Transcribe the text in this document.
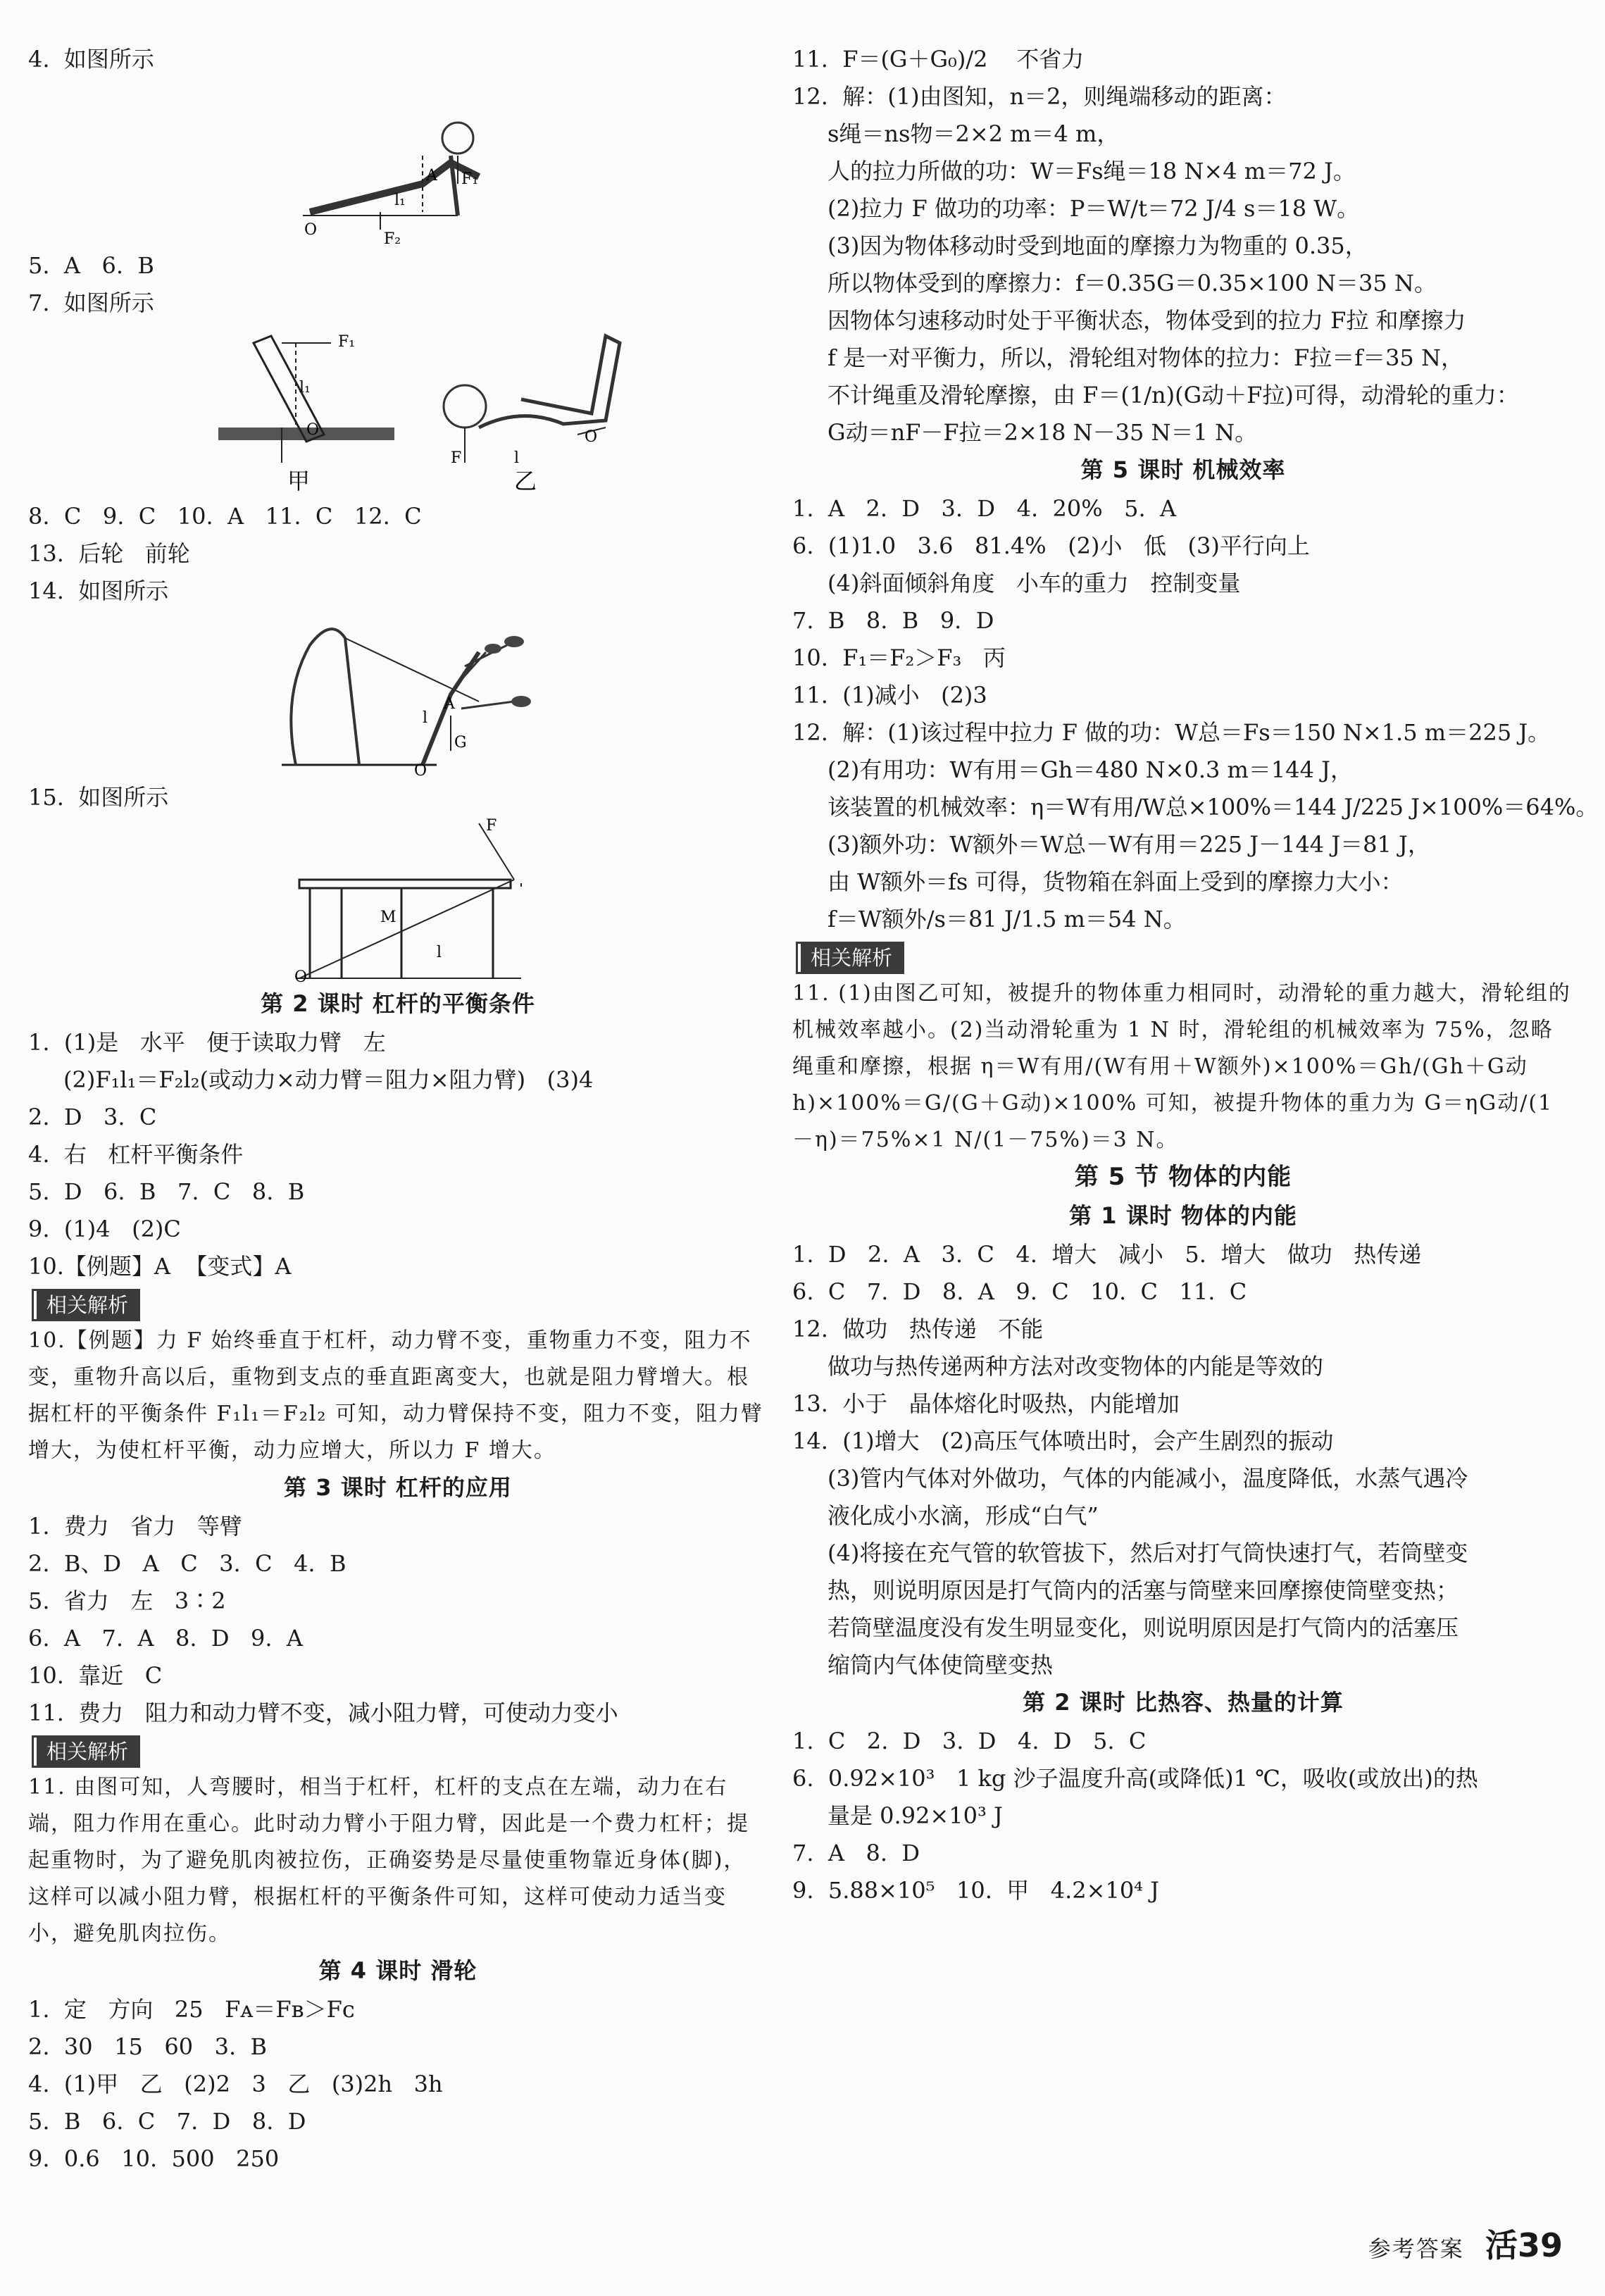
4.  如图所示
O
F₂
l₁
A F₁
5.  A   6.  B
7.  如图所示
F₁
l₁
O
甲
F	l
O
乙
8.  C   9.  C   10.  A   11.  C   12.  C
13.  后轮   前轮
14.  如图所示
O
A
l
G
15.  如图所示
F
M
l
O
第 2 课时 杠杆的平衡条件
1.  (1)是   水平   便于读取力臂   左
(2)F₁l₁＝F₂l₂(或动力×动力臂＝阻力×阻力臂)   (3)4
2.  D   3.  C
4.  右   杠杆平衡条件
5.  D   6.  B   7.  C   8.  B
9.  (1)4   (2)C
10.【例题】A  【变式】A
相关解析
10.【例题】力 F 始终垂直于杠杆，动力臂不变，重物重力不变，阻力不变，重物升高以后，重物到支点的垂直距离变大，也就是阻力臂增大。根据杠杆的平衡条件 F₁l₁＝F₂l₂ 可知，动力臂保持不变，阻力不变，阻力臂增大，为使杠杆平衡，动力应增大，所以力 F 增大。
第 3 课时 杠杆的应用
1.  费力   省力   等臂
2.  B、D   A   C   3.  C   4.  B
5.  省力   左   3∶2
6.  A   7.  A   8.  D   9.  A
10.  靠近   C
11.  费力   阻力和动力臂不变，减小阻力臂，可使动力变小
相关解析
11. 由图可知，人弯腰时，相当于杠杆，杠杆的支点在左端，动力在右端，阻力作用在重心。此时动力臂小于阻力臂，因此是一个费力杠杆；提起重物时，为了避免肌肉被拉伤，正确姿势是尽量使重物靠近身体(脚)，这样可以减小阻力臂，根据杠杆的平衡条件可知，这样可使动力适当变小，避免肌肉拉伤。
第 4 课时 滑轮
1.  定   方向   25   Fᴀ＝Fʙ＞Fᴄ
2.  30   15   60   3.  B
4.  (1)甲   乙   (2)2   3   乙   (3)2h   3h
5.  B   6.  C   7.  D   8.  D
9.  0.6   10.  500   250
11.  F＝(G＋G₀)/2    不省力
12.  解：(1)由图知，n＝2，则绳端移动的距离：
s绳＝ns物＝2×2 m＝4 m，
人的拉力所做的功：W＝Fs绳＝18 N×4 m＝72 J。
(2)拉力 F 做功的功率：P＝W/t＝72 J/4 s＝18 W。
(3)因为物体移动时受到地面的摩擦力为物重的 0.35，
所以物体受到的摩擦力：f＝0.35G＝0.35×100 N＝35 N。
因物体匀速移动时处于平衡状态，物体受到的拉力 F拉 和摩擦力
f 是一对平衡力，所以，滑轮组对物体的拉力：F拉＝f＝35 N，
不计绳重及滑轮摩擦，由 F＝(1/n)(G动＋F拉)可得，动滑轮的重力：
G动＝nF－F拉＝2×18 N－35 N＝1 N。
第 5 课时 机械效率
1.  A   2.  D   3.  D   4.  20%   5.  A
6.  (1)1.0   3.6   81.4%   (2)小   低   (3)平行向上
(4)斜面倾斜角度   小车的重力   控制变量
7.  B   8.  B   9.  D
10.  F₁＝F₂＞F₃   丙
11.  (1)减小   (2)3
12.  解：(1)该过程中拉力 F 做的功：W总＝Fs＝150 N×1.5 m＝225 J。
(2)有用功：W有用＝Gh＝480 N×0.3 m＝144 J，
该装置的机械效率：η＝W有用/W总×100%＝144 J/225 J×100%＝64%。
(3)额外功：W额外＝W总－W有用＝225 J－144 J＝81 J，
由 W额外＝fs 可得，货物箱在斜面上受到的摩擦力大小：
f＝W额外/s＝81 J/1.5 m＝54 N。
相关解析
11. (1)由图乙可知，被提升的物体重力相同时，动滑轮的重力越大，滑轮组的机械效率越小。(2)当动滑轮重为 1 N 时，滑轮组的机械效率为 75%，忽略绳重和摩擦，根据 η＝W有用/(W有用＋W额外)×100%＝Gh/(Gh＋G动h)×100%＝G/(G＋G动)×100% 可知，被提升物体的重力为 G＝ηG动/(1－η)＝75%×1 N/(1－75%)＝3 N。
第 5 节 物体的内能
第 1 课时 物体的内能
1.  D   2.  A   3.  C   4.  增大   减小   5.  增大   做功   热传递
6.  C   7.  D   8.  A   9.  C   10.  C   11.  C
12.  做功   热传递   不能
做功与热传递两种方法对改变物体的内能是等效的
13.  小于   晶体熔化时吸热，内能增加
14.  (1)增大   (2)高压气体喷出时，会产生剧烈的振动
(3)管内气体对外做功，气体的内能减小，温度降低，水蒸气遇冷
液化成小水滴，形成“白气”
(4)将接在充气管的软管拔下，然后对打气筒快速打气，若筒壁变
热，则说明原因是打气筒内的活塞与筒壁来回摩擦使筒壁变热；
若筒壁温度没有发生明显变化，则说明原因是打气筒内的活塞压
缩筒内气体使筒壁变热
第 2 课时 比热容、热量的计算
1.  C   2.  D   3.  D   4.  D   5.  C
6.  0.92×10³   1 kg 沙子温度升高(或降低)1 ℃，吸收(或放出)的热
量是 0.92×10³ J
7.  A   8.  D
9.  5.88×10⁵   10.  甲   4.2×10⁴ J
参考答案 活39
